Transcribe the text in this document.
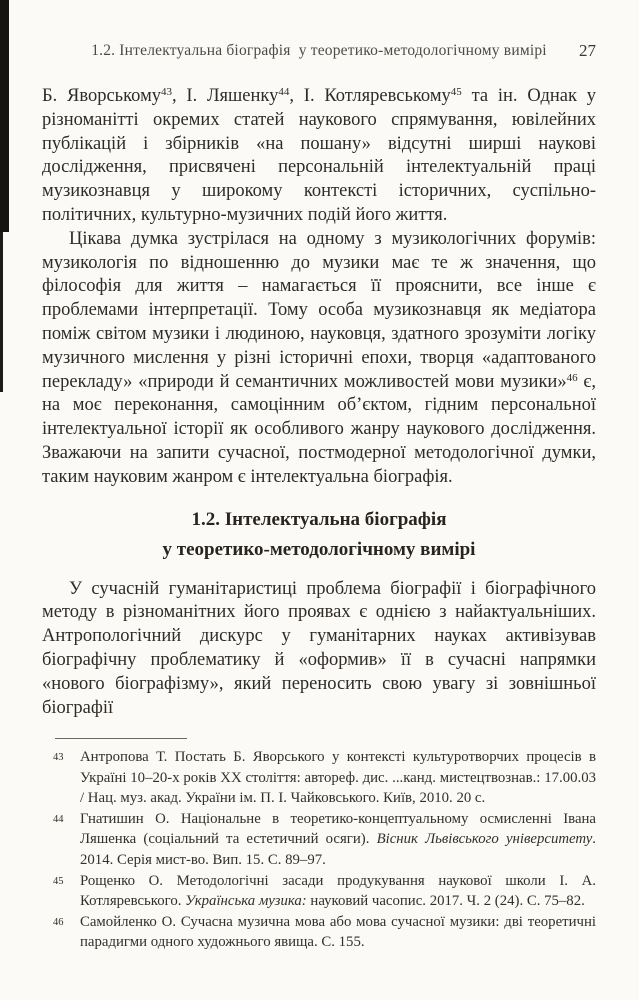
1.2. Інтелектуальна біографія  у теоретико-методологічному вимірі 27

Б. Яворському$^{43}$, І. Ляшенку$^{44}$, І. Котляревському$^{45}$ та ін. Однак у різноманітті окремих статей наукового спрямування, ювілейних публікацій і збірників «на пошану» відсутні ширші наукові дослідження, присвячені персональній інтелектуальній праці музикознавця у широкому контексті історичних, суспільно-політичних, культурно-музичних подій його життя.

Цікава думка зустрілася на одному з музикологічних форумів: музикологія по відношенню до музики має те ж значення, що філософія для життя – намагається її прояснити, все інше є проблемами інтерпретації. Тому особа музикознавця як медіатора поміж світом музики і людиною, науковця, здатного зрозуміти логіку музичного мислення у різні історичні епохи, творця «адаптованого перекладу» «природи й семантичних можливостей мови музики»$^{46}$ є, на моє переконання, самоцінним обʼєктом, гідним персональної інтелектуальної історії як особливого жанру наукового дослідження. Зважаючи на запити сучасної, постмодерної методологічної думки, таким науковим жанром є інтелектуальна біографія.

1.2. Інтелектуальна біографія
у теоретико-методологічному вимірі

У сучасній гуманітаристиці проблема біографії і біографічного методу в різноманітних його проявах є однією з найактуальніших. Антропологічний дискурс у гуманітарних науках активізував біографічну проблематику й «оформив» її в сучасні напрямки «нового біографізму», який переносить свою увагу зі зовнішньої біографії

43	Антропова Т. Постать Б. Яворського у контексті культуротворчих процесів в Україні 10–20-х років ХХ століття: автореф. дис. ...канд. мистецтвознав.: 17.00.03 / Нац. муз. акад. України ім. П. І. Чайковського. Київ, 2010. 20 с.
44	Гнатишин О. Національне в теоретико-концептуальному осмисленні Івана Ляшенка (соціальний та естетичний осяги). Вісник Львівського університету. 2014. Серія мист-во. Вип. 15. С. 89–97.
45	Рощенко О. Методологічні засади продукування наукової школи І. А. Котляревського. Українська музика: науковий часопис. 2017. Ч. 2 (24). С. 75–82.
46	Самойленко О. Сучасна музична мова або мова сучасної музики: дві теоретичні парадигми одного художнього явища. С. 155.
